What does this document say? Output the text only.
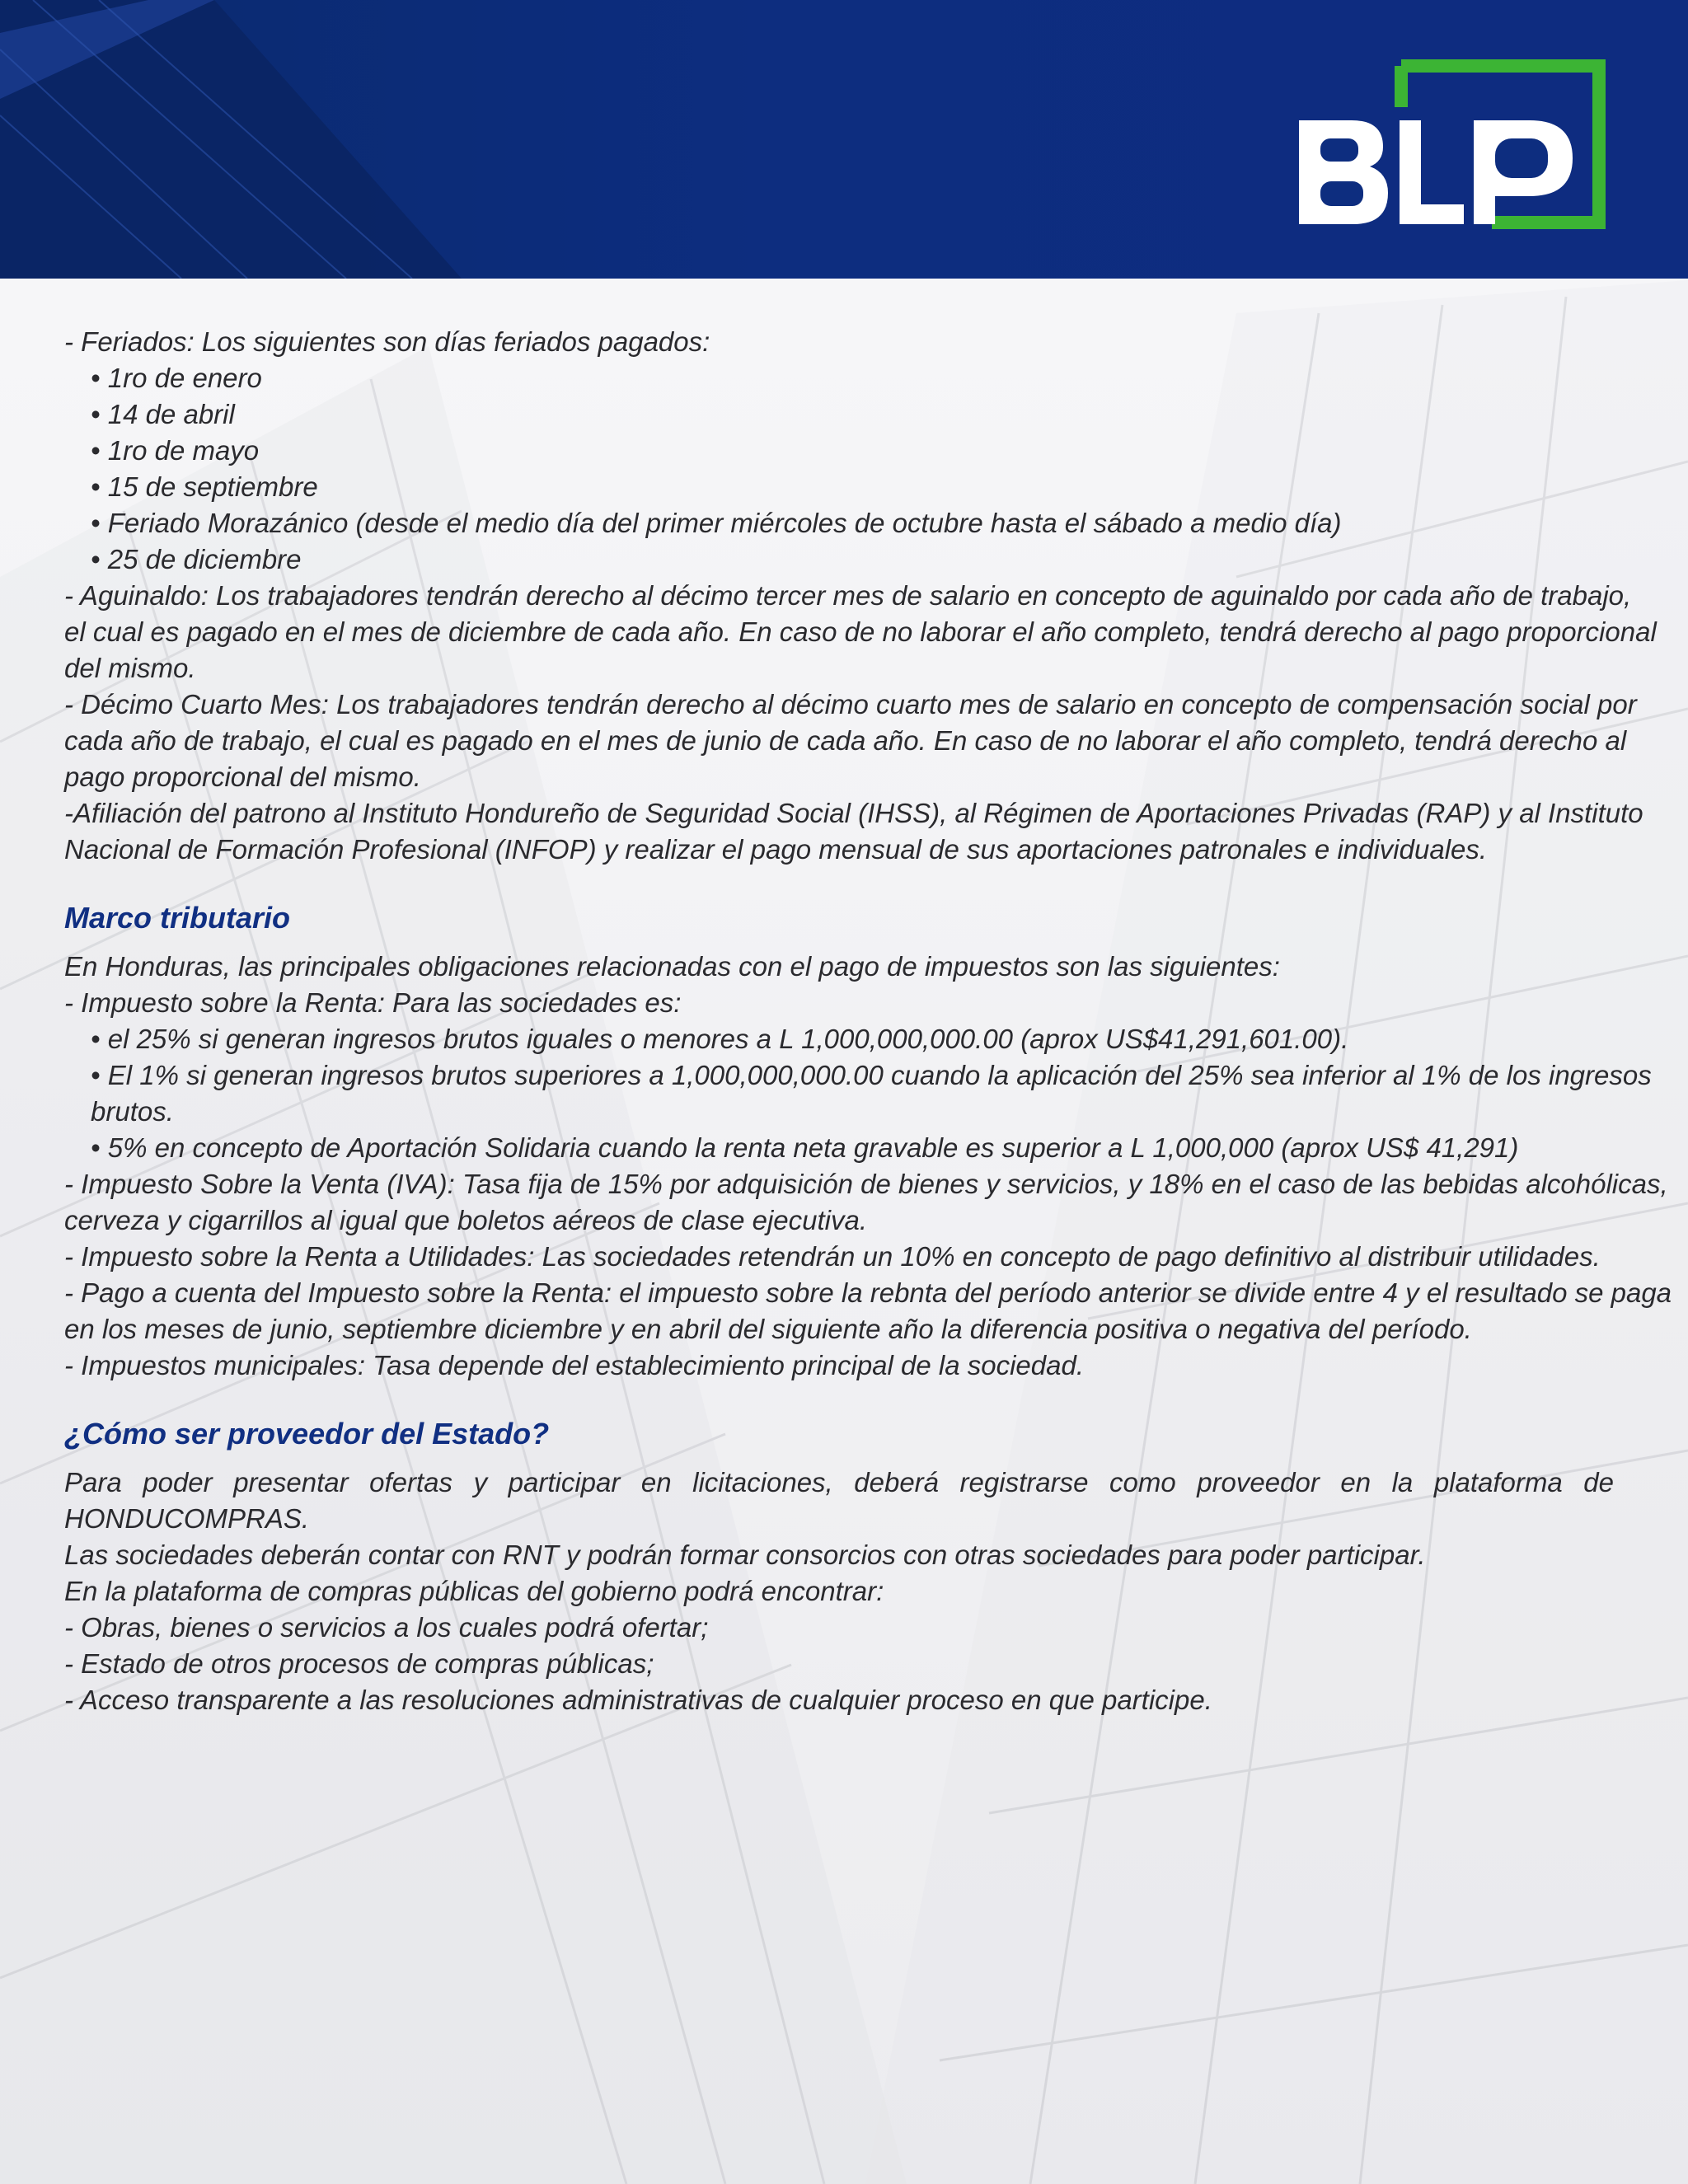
- Feriados: Los siguientes son días feriados pagados:
• 1ro de enero
• 14 de abril
• 1ro de mayo
• 15 de septiembre
• Feriado Morazánico (desde el medio día del primer miércoles de octubre hasta el sábado a medio día)
• 25 de diciembre
- Aguinaldo: Los trabajadores tendrán derecho al décimo tercer mes de salario en concepto de aguinaldo por cada año de trabajo,
el cual es pagado en el mes de diciembre de cada año. En caso de no laborar el año completo, tendrá derecho al pago proporcional
del mismo.
- Décimo Cuarto Mes: Los trabajadores tendrán derecho al décimo cuarto mes de salario en concepto de compensación social por
cada año de trabajo, el cual es pagado en el mes de junio de cada año. En caso de no laborar el año completo, tendrá derecho al
pago proporcional del mismo.
-Afiliación del patrono al Instituto Hondureño de Seguridad Social (IHSS), al Régimen de Aportaciones Privadas (RAP) y al Instituto
Nacional de Formación Profesional (INFOP) y realizar el pago mensual de sus aportaciones patronales e individuales.
Marco tributario
En Honduras, las principales obligaciones relacionadas con el pago de impuestos son las siguientes:
- Impuesto sobre la Renta: Para las sociedades es:
• el 25% si generan ingresos brutos iguales o menores a L 1,000,000,000.00 (aprox US$41,291,601.00).
• El 1% si generan ingresos brutos superiores a 1,000,000,000.00 cuando la aplicación del 25% sea inferior al 1% de los ingresos
brutos.
• 5% en concepto de Aportación Solidaria cuando la renta neta gravable es superior a L 1,000,000 (aprox US$ 41,291)
- Impuesto Sobre la Venta (IVA): Tasa fija de 15% por adquisición de bienes y servicios, y 18% en el caso de las bebidas alcohólicas,
cerveza y cigarrillos al igual que boletos aéreos de clase ejecutiva.
- Impuesto sobre la Renta a Utilidades: Las sociedades retendrán un 10% en concepto de pago definitivo al distribuir utilidades.
- Pago a cuenta del Impuesto sobre la Renta: el impuesto sobre la rebnta del período anterior se divide entre 4 y el resultado se paga
en los meses de junio, septiembre diciembre y en abril del siguiente año la diferencia positiva o negativa del período.
- Impuestos municipales: Tasa depende del establecimiento principal de la sociedad.
¿Cómo ser proveedor del Estado?
Para poder presentar ofertas y participar en licitaciones, deberá registrarse como proveedor en la plataforma de
HONDUCOMPRAS.
Las sociedades deberán contar con RNT y podrán formar consorcios con otras sociedades para poder participar.
En la plataforma de compras públicas del gobierno podrá encontrar:
- Obras, bienes o servicios a los cuales podrá ofertar;
- Estado de otros procesos de compras públicas;
- Acceso transparente a las resoluciones administrativas de cualquier proceso en que participe.
